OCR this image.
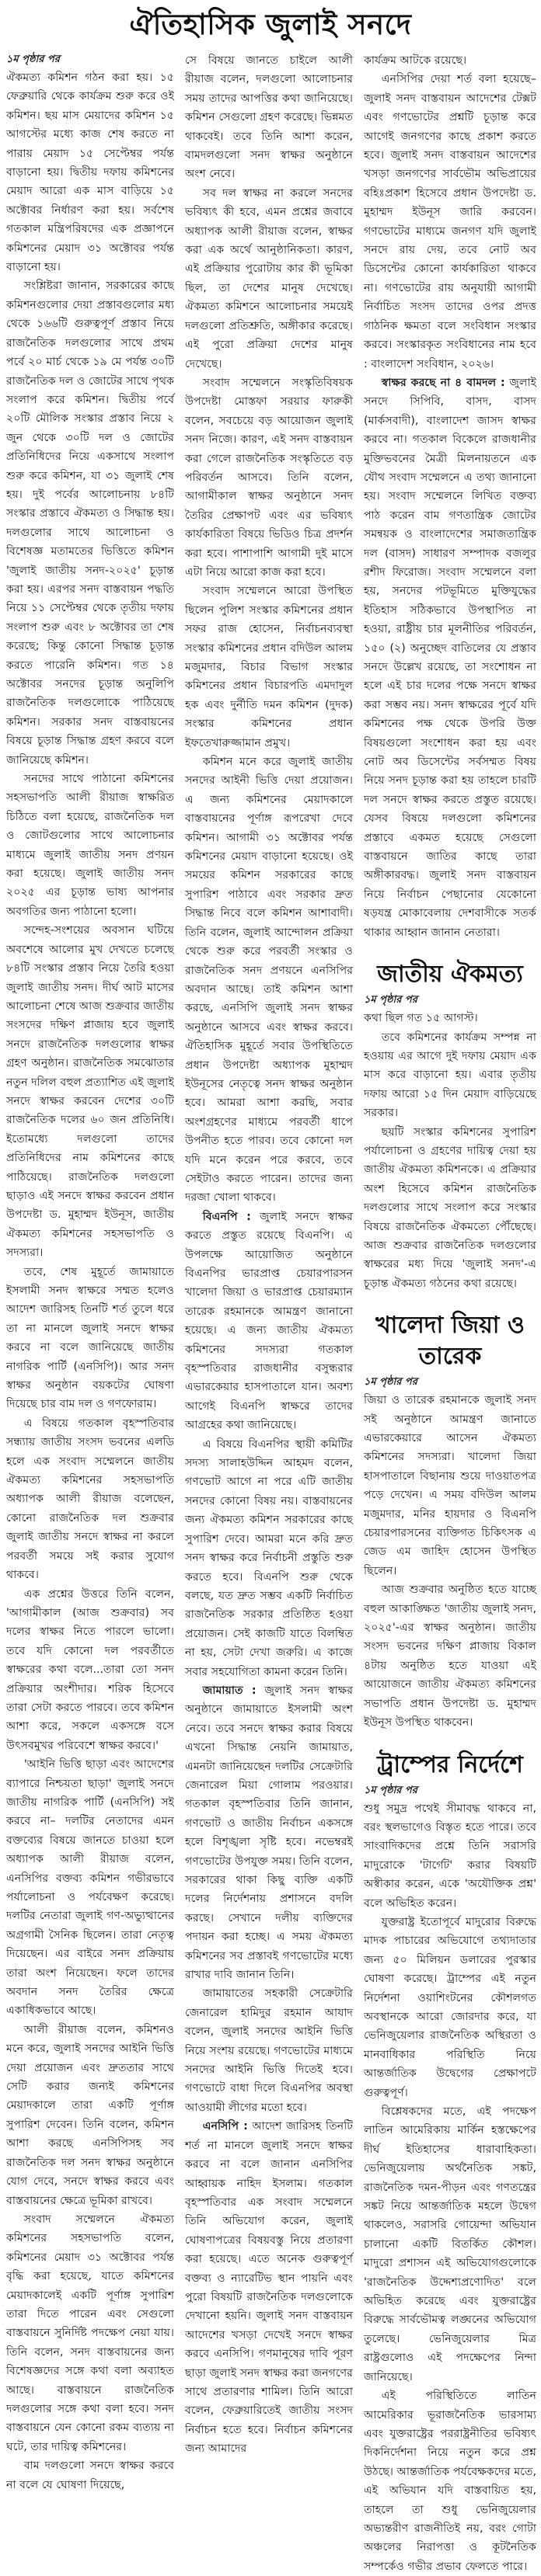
ঐতিহাসিক জুলাই সনদে
১ম পৃষ্ঠার পর

ঐকমত্য কমিশন গঠন করা হয়। ১৫ ফেব্রুয়ারি থেকে কার্যক্রম শুরু করে ওই কমিশন। ছয় মাস মেয়াদের কমিশন ১৫ আগস্টের মধ্যে কাজ শেষ করতে না পারায় মেয়াদ ১৫ সেপ্টেম্বর পর্যন্ত বাড়ানো হয়। দ্বিতীয় দফায় কমিশনের মেয়াদ আরো এক মাস বাড়িয়ে ১৫ অক্টোবর নির্ধারণ করা হয়। সর্বশেষ গতকাল মন্ত্রিপরিষদের এক প্রজ্ঞাপনে কমিশনের মেয়াদ ৩১ অক্টোবর পর্যন্ত বাড়ানো হয়।

সংশ্লিষ্টরা জানান, সরকারের কাছে কমিশনগুলোর দেয়া প্রস্তাবগুলোর মধ্য থেকে ১৬৬টি গুরুত্বপূর্ণ প্রস্তাব নিয়ে রাজনৈতিক দলগুলোর সাথে প্রথম পর্বে ২০ মার্চ থেকে ১৯ মে পর্যন্ত ৩০টি রাজনৈতিক দল ও জোটের সাথে পৃথক সংলাপ করে কমিশন। দ্বিতীয় পর্বে ২০টি মৌলিক সংস্কার প্রস্তাব নিয়ে ২ জুন থেকে ৩০টি দল ও জোটের প্রতিনিধিদের নিয়ে একসাথে সংলাপ শুরু করে কমিশন, যা ৩১ জুলাই শেষ হয়। দুই পর্বের আলোচনায় ৮৪টি সংস্কার প্রস্তাবে ঐকমত্য ও সিদ্ধান্ত হয়। দলগুলোর সাথে আলোচনা ও বিশেষজ্ঞ মতামতের ভিত্তিতে কমিশন 'জুলাই জাতীয় সনদ-২০২৫' চূড়ান্ত করা হয়। এরপর সনদ বাস্তবায়ন পদ্ধতি নিয়ে ১১ সেপ্টেম্বর থেকে তৃতীয় দফায় সংলাপ শুরু এবং ৮ অক্টোবর তা শেষ করেছে; কিন্তু কোনো সিদ্ধান্ত চূড়ান্ত করতে পারেনি কমিশন। গত ১৪ অক্টোবর সনদের চূড়ান্ত অনুলিপি রাজনৈতিক দলগুলোকে পাঠিয়েছে কমিশন। সরকার সনদ বাস্তবায়নের বিষয়ে চূড়ান্ত সিদ্ধান্ত গ্রহণ করবে বলে জানিয়েছে কমিশন।

সনদের সাথে পাঠানো কমিশনের সহসভাপতি আলী রীয়াজ স্বাক্ষরিত চিঠিতে বলা হয়েছে, রাজনৈতিক দল ও জোটগুলোর সাথে আলোচনার মাধ্যমে জুলাই জাতীয় সনদ প্রণয়ন করা হয়েছে। জুলাই জাতীয় সনদ ২০২৫ এর চূড়ান্ত ভাষ্য আপনার অবগতির জন্য পাঠানো হলো।

সন্দেহ-সংশয়ের অবসান ঘটিয়ে অবশেষে আলোর মুখ দেখতে চলেছে ৮৪টি সংস্কার প্রস্তাব নিয়ে তৈরি হওয়া জুলাই জাতীয় সনদ। দীর্ঘ আট মাসের আলোচনা শেষে আজ শুক্রবার জাতীয় সংসদের দক্ষিণ প্লাজায় হবে জুলাই সনদে রাজনৈতিক দলগুলোর স্বাক্ষর গ্রহণ অনুষ্ঠান। রাজনৈতিক সমঝোতার নতুন দলিল বহুল প্রত্যাশিত এই জুলাই সনদে স্বাক্ষর করবেন দেশের ৩০টি রাজনৈতিক দলের ৬০ জন প্রতিনিধি। ইতোমধ্যে দলগুলো তাদের প্রতিনিধিদের নাম কমিশনের কাছে পাঠিয়েছে। রাজনৈতিক দলগুলো ছাড়াও এই সনদে স্বাক্ষর করবেন প্রধান উপদেষ্টা ড. মুহাম্মদ ইউনূস, জাতীয় ঐকমত্য কমিশনের সহসভাপতি ও সদস্যরা।

তবে, শেষ মুহূর্তে জামায়াতে ইসলামী সনদ স্বাক্ষরে সম্মত হলেও আদেশ জারিসহ তিনটি শর্ত তুলে ধরে তা না মানলে জুলাই সনদে স্বাক্ষর করবে না বলে জানিয়েছে জাতীয় নাগরিক পার্টি (এনসিপি)। আর সনদ স্বাক্ষর অনুষ্ঠান বয়কটের ঘোষণা দিয়েছে চার বাম দল ও গণফোরাম।

এ বিষয়ে গতকাল বৃহস্পতিবার সন্ধ্যায় জাতীয় সংসদ ভবনের এলডি হলে এক সংবাদ সম্মেলনে জাতীয় ঐকমত্য কমিশনের সহসভাপতি অধ্যাপক আলী রীয়াজ বলেছেন, কোনো রাজনৈতিক দল শুক্রবার জুলাই জাতীয় সনদে স্বাক্ষর না করলে পরবর্তী সময়ে সই করার সুযোগ থাকবে।

এক প্রশ্নের উত্তরে তিনি বলেন, 'আগামীকাল (আজ শুক্রবার) সব দলের স্বাক্ষর নিতে পারলে ভালো। তবে যদি কোনো দল পরবর্তীতে স্বাক্ষরের কথা বলে...তারা তো সনদ প্রক্রিয়ার অংশীদার। শরিক হিসেবে তারা সেটা করতে পারবে। তবে কমিশন আশা করে, সকলে একসঙ্গে বসে উৎসবমুখর পরিবেশে স্বাক্ষর করবে।'

'আইনি ভিত্তি ছাড়া এবং আদেশের ব্যাপারে নিশ্চয়তা ছাড়া' জুলাই সনদে জাতীয় নাগরিক পার্টি (এনসিপি) সই করবে না– দলটির নেতাদের এমন বক্তব্যের বিষয়ে জানতে চাওয়া হলে অধ্যাপক আলী রীয়াজ বলেন, এনসিপির বক্তব্য কমিশন গভীরভাবে পর্যালোচনা ও পর্যবেক্ষণ করেছে। দলটির নেতারা জুলাই গণ-অভ্যুত্থানের অগ্রগামী সৈনিক ছিলেন। তারা নেতৃত্ব দিয়েছেন। এর বাইরে সনদ প্রক্রিয়ায় তারা অংশ নিয়েছেন। ফলে তাদের অবদান সনদ তৈরির ক্ষেত্রে একাধিকভাবে আছে।

আলী রীয়াজ বলেন, কমিশনও মনে করে, জুলাই সনদের আইনি ভিত্তি দেয়া প্রয়োজন এবং দ্রুততার সাথে সেটি করার জন্যই কমিশনের মেয়াদকালে তারা একটি পূর্ণাঙ্গ সুপারিশ দেবেন। তিনি বলেন, কমিশন আশা করছে এনসিপিসহ সব রাজনৈতিক দল সনদ স্বাক্ষর অনুষ্ঠানে যোগ দেবে, সনদে স্বাক্ষর করবে এবং বাস্তবায়নের ক্ষেত্রে ভূমিকা রাখবে।

সংবাদ সম্মেলনে ঐকমত্য কমিশনের সহসভাপতি বলেন, কমিশনের মেয়াদ ৩১ অক্টোবর পর্যন্ত বৃদ্ধি করা হয়েছে, যাতে কমিশনের মেয়াদকালেই একটি পূর্ণাঙ্গ সুপারিশ তারা দিতে পারেন এবং সেগুলো বাস্তবায়নে সুনির্দিষ্ট পদক্ষেপ নেয়া যায়। তিনি বলেন, সনদ বাস্তবায়নের জন্য বিশেষজ্ঞদের সঙ্গে কথা বলা অব্যাহত আছে। বাস্তবায়নে রাজনৈতিক দলগুলোর সঙ্গে কথা বলা হবে। সনদ বাস্তবায়নে যেন কোনো রকম ব্যত্যয় না ঘটে, তার দায়িত্ব কমিশনের।

বাম দলগুলো সনদে স্বাক্ষর করবে না বলে যে ঘোষণা দিয়েছে,

সে বিষয়ে জানতে চাইলে আলী রীয়াজ বলেন, দলগুলো আলোচনার সময় তাদের আপত্তির কথা জানিয়েছে। কমিশন সেগুলো গ্রহণ করেছে। ভিন্নমত থাকবেই। তবে তিনি আশা করেন, বামদলগুলো সনদ স্বাক্ষর অনুষ্ঠানে অংশ নেবে।

সব দল স্বাক্ষর না করলে সনদের ভবিষ্যৎ কী হবে, এমন প্রশ্নের জবাবে অধ্যাপক আলী রীয়াজ বলেন, স্বাক্ষর করা এক অর্থে আনুষ্ঠানিকতা। কারণ, এই প্রক্রিয়ার পুরোটায় কার কী ভূমিকা ছিল, তা দেশের মানুষ দেখেছে। ঐকমত্য কমিশনে আলোচনার সময়েই দলগুলো প্রতিশ্রুতি, অঙ্গীকার করেছে। এই পুরো প্রক্রিয়া দেশের মানুষ দেখেছে।

সংবাদ সম্মেলনে সংস্কৃতিবিষয়ক উপদেষ্টা মোস্তফা সরয়ার ফারুকী বলেন, সবচেয়ে বড় আয়োজন জুলাই সনদ নিজে। কারণ, এই সনদ বাস্তবায়ন করা গেলে রাজনৈতিক সংস্কৃতিতে বড় পরিবর্তন আসবে। তিনি বলেন, আগামীকাল স্বাক্ষর অনুষ্ঠানে সনদ তৈরির প্রেক্ষাপট এবং এর ভবিষ্যৎ কার্যকারিতা বিষয়ে ভিডিও চিত্র প্রদর্শন করা হবে। পাশাপাশি আগামী দুই মাসে এটা নিয়ে আরো কাজ করা হবে।

সংবাদ সম্মেলনে আরো উপস্থিত ছিলেন পুলিশ সংস্কার কমিশনের প্রধান সফর রাজ হোসেন, নির্বাচনব্যবস্থা সংস্কার কমিশনের প্রধান বদিউল আলম মজুমদার, বিচার বিভাগ সংস্কার কমিশনের প্রধান বিচারপতি এমদাদুল হক এবং দুর্নীতি দমন কমিশন (দুদক) সংস্কার কমিশনের প্রধান ইফতেখারুজ্জামান প্রমুখ।

কমিশন মনে করে জুলাই জাতীয় সনদের আইনী ভিত্তি দেয়া প্রয়োজন। এ জন্য কমিশনের মেয়াদকালে বাস্তবায়নের পূর্ণাঙ্গ রূপরেখা দেবে কমিশন। আগামী ৩১ অক্টোবর পর্যন্ত কমিশনের মেয়াদ বাড়ানো হয়েছে। ওই সময়ের কমিশন সরকারের কাছে সুপারিশ পাঠাবে এবং সরকার দ্রুত সিদ্ধান্ত নিবে বলে কমিশন আশাবাদী। তিনি বলেন, জুলাই আন্দোলন প্রক্রিয়া থেকে শুরু করে পরবর্তী সংস্কার ও রাজনৈতিক সনদ প্রণয়নে এনসিপির অবদান আছে। তাই কমিশন আশা করছে, এনসিপি জুলাই সনদ স্বাক্ষর অনুষ্ঠানে আসবে এবং স্বাক্ষর করবে। ঐতিহাসিক মুহূর্তে সবার উপস্থিতিতে প্রধান উপদেষ্টা অধ্যাপক মুহাম্মদ ইউনূসের নেতৃত্বে সনদ স্বাক্ষর অনুষ্ঠান হবে। আমরা আশা করছি, সবার অংশগ্রহণের মাধ্যমে পরবর্তী ধাপে উপনীত হতে পারব। তবে কোনো দল যদি মনে করেন পরে করবে, তবে সেইটাও করতে পারেন। তাদের জন্য দরজা খোলা থাকবে।

বিএনপি : জুলাই সনদে স্বাক্ষর করতে প্রস্তুত রয়েছে বিএনপি। এ উপলক্ষে আয়োজিত অনুষ্ঠানে বিএনপির ভারপ্রাপ্ত চেয়ারপারসন খালেদা জিয়া ও ভারপ্রাপ্ত চেয়ারম্যান তারেক রহমানকে আমন্ত্রণ জানানো হয়েছে। এ জন্য জাতীয় ঐকমত্য কমিশনের সদস্যরা গতকাল বৃহস্পতিবার রাজধানীর বসুন্ধরার এভারকেয়ার হাসপাতালে যান। অবশ্য আগেই বিএনপি স্বাক্ষরে তাদের আগ্রহের কথা জানিয়েছে।

এ বিষয়ে বিএনপির স্থায়ী কমিটির সদস্য সালাহউদ্দিন আহমদ বলেন, গণভোট আগে না পরে এটি জাতীয় সনদের কোনো বিষয় নয়। বাস্তবায়নের জন্য ঐকমত্য কমিশন সরকারের কাছে সুপারিশ দেবে। আমরা মনে করি দ্রুত সনদ স্বাক্ষর করে নির্বাচনী প্রস্তুতি শুরু করতে হবে। বিএনপি শুরু থেকে বলছে, যত দ্রুত সম্ভব একটি নির্বাচিত রাজনৈতিক সরকার প্রতিষ্ঠিত হওয়া প্রয়োজন। সেই কাজটি যাতে বিলম্বিত না হয়, সেটা দেখা জরুরি। এ কাজে সবার সহযোগিতা কামনা করেন তিনি।

জামায়াত : জুলাই সনদ স্বাক্ষর অনুষ্ঠানে জামায়াতে ইসলামী অংশ নেবে। তবে সনদে স্বাক্ষর করার বিষয়ে এখনো সিদ্ধান্ত নেয়নি জামায়াত, এমনটা জানিয়েছেন দলটির সেক্রেটারি জেনারেল মিয়া গোলাম পরওয়ার। গতকাল বৃহস্পতিবার তিনি জানান, গণভোট ও জাতীয় নির্বাচন একসঙ্গে হলে বিশৃঙ্খলা সৃষ্টি হবে। নভেম্বরই গণভোটের উপযুক্ত সময়। তিনি বলেন, সরকারের থাকা কিছু ব্যক্তি একটি দলের নির্দেশনায় প্রশাসনে বদলি করছে। সেখানে দলীয় ব্যক্তিদের পদায়ন করা হচ্ছে। এ সময় ঐকমত্য কমিশনের সব প্রস্তাবই গণভোটের মধ্যে রাখার দাবি জানান তিনি।

জামায়াতের সহকারী সেক্রেটারি জেনারেল হামিদুর রহমান আযাদ বলেন, জুলাই সনদের আইনি ভিত্তি নিয়ে সংশয় রয়েছে। গণভোটের মাধ্যমে সনদের আইনি ভিত্তি দিতেই হবে। গণভোটে বাধা দিলে বিএনপির অবস্থা আওয়ামী লীগের মতো হবে।

এনসিপি : আদেশ জারিসহ তিনটি শর্ত না মানলে জুলাই সনদে স্বাক্ষর করবে না বলে জানান এনসিপির আহ্বায়ক নাহিদ ইসলাম। গতকাল বৃহস্পতিবার এক সংবাদ সম্মেলনে তিনি অভিযোগ করেন, জুলাই ঘোষণাপত্রের বিষয়বস্তু নিয়ে প্রতারণা করা হয়েছে। এতে অনেক গুরুত্বপূর্ণ বক্তব্য ও ন্যারেটিভ স্থান পায়নি এবং পুরো বিষয়টি রাজনৈতিক দলগুলোকে দেখানো হয়নি। জুলাই সনদ বাস্তবায়ন আদেশের খসড়া দেখেই সনদে স্বাক্ষর করবে এনসিপি। গণমানুষের দাবি পূরণ ছাড়া জুলাই সনদ স্বাক্ষর করা জনগণের সাথে প্রতারণার শামিল। তিনি আরো বলেন, ফেব্রুয়ারিতেই জাতীয় সংসদ নির্বাচন হতে হবে। নির্বাচন কমিশনের জন্য আমাদের

কার্যক্রম আটকে রয়েছে।

এনসিপির দেয়া শর্ত বলা হয়েছে– জুলাই সনদ বাস্তবায়ন আদেশের টেক্সট এবং গণভোটের প্রশ্নটি চূড়ান্ত করে আগেই জনগণের কাছে প্রকাশ করতে হবে। জুলাই সনদ বাস্তবায়ন আদেশের খসড়া জনগণের সার্বভৌম অভিপ্রায়ের বহিঃপ্রকাশ হিসেবে প্রধান উপদেষ্টা ড. মুহাম্মদ ইউনূস জারি করবেন। গণভোটের মাধ্যমে জনগণ যদি জুলাই সনদে রায় দেয়, তবে নোট অব ডিসেন্টের কোনো কার্যকারিতা থাকবে না। গণভোটের রায় অনুযায়ী আগামী নির্বাচিত সংসদ তাদের ওপর প্রদত্ত গাঠনিক ক্ষমতা বলে সংবিধান সংস্কার করবে। সংস্কারকৃত সংবিধানের নাম হবে : বাংলাদেশ সংবিধান, ২০২৬।

স্বাক্ষর করছে না ৪ বামদল : জুলাই সনদে সিপিবি, বাসদ, বাসদ (মার্কসবাদী), বাংলাদেশ জাসদ স্বাক্ষর করবে না। গতকাল বিকেলে রাজধানীর মুক্তিভবনের মৈত্রী মিলনায়তনে এক যৌথ সংবাদ সম্মেলনে এ তথ্য জানানো হয়। সংবাদ সম্মেলনে লিখিত বক্তব্য পাঠ করেন বাম গণতান্ত্রিক জোটের সমন্বয়ক ও বাংলাদেশের সমাজতান্ত্রিক দল (বাসদ) সাধারণ সম্পাদক বজলুর রশীদ ফিরোজ। সংবাদ সম্মেলনে বলা হয়, সনদের পটভূমিতে মুক্তিযুদ্ধের ইতিহাস সঠিকভাবে উপস্থাপিত না হওয়া, রাষ্ট্রীয় চার মূলনীতির পরিবর্তন, ১৫০ (২) অনুচ্ছেদ বাতিলের যে প্রস্তাব সনদে উল্লেখ রয়েছে, তা সংশোধন না হলে এই চার দলের পক্ষে সনদে স্বাক্ষর করা সম্ভব নয়। সনদ স্বাক্ষরের পূর্বে যদি কমিশনের পক্ষ থেকে উপরি উক্ত বিষয়গুলো সংশোধন করা হয় এবং নোট অব ডিসেন্টের সর্বসম্মত বিষয় নিয়ে সনদ চূড়ান্ত করা হয় তাহলে চারটি দল সনদে স্বাক্ষর করতে প্রস্তুত রয়েছে। যেসব বিষয়ে দলগুলো কমিশনের প্রস্তাবে একমত হয়েছে সেগুলো বাস্তবায়নে জাতির কাছে তারা অঙ্গীকারবদ্ধ। জুলাই সনদ বাস্তবায়ন নিয়ে নির্বাচন পেছানোর যেকোনো ষড়যন্ত্র মোকাবেলায় দেশবাসীকে সতর্ক থাকার আহ্বান জানান নেতারা।

জাতীয় ঐকমত্য
১ম পৃষ্ঠার পর

কথা ছিল গত ১৫ আগস্ট।

তবে কমিশনের কার্যক্রম সম্পন্ন না হওয়ায় এর আগে দুই দফায় মেয়াদ এক মাস করে বাড়ানো হয়। এবার তৃতীয় দফায় আরো ১৫ দিন মেয়াদ বাড়িয়েছে সরকার।

ছয়টি সংস্কার কমিশনের সুপারিশ পর্যালোচনা ও গ্রহণের দায়িত্ব দেয়া হয় জাতীয় ঐকমত্য কমিশনকে। এ প্রক্রিয়ার অংশ হিসেবে কমিশন রাজনৈতিক দলগুলোর সাথে সংলাপ করে সংস্কার বিষয়ে রাজনৈতিক ঐকমত্যে পৌঁছেছে। আজ শুক্রবার রাজনৈতিক দলগুলোর স্বাক্ষরের মধ্য দিয়ে 'জুলাই সনদ'-এ চূড়ান্ত ঐকমত্য গঠনের কথা রয়েছে।

খালেদা জিয়া ও তারেক
১ম পৃষ্ঠার পর

জিয়া ও তারেক রহমানকে জুলাই সনদ সই অনুষ্ঠানে আমন্ত্রণ জানাতে এভারকেয়ারে আসেন ঐকমত্য কমিশনের সদস্যরা। খালেদা জিয়া হাসপাতালে বিছানায় শুয়ে দাওয়াতপত্র পড়ে দেখেন। এ সময় বদিউল আলম মজুমদার, মনির হায়দার ও বিএনপি চেয়ারপারসনের ব্যক্তিগত চিকিৎসক এ জেড এম জাহিদ হোসেন উপস্থিত ছিলেন।

আজ শুক্রবার অনুষ্ঠিত হতে যাচ্ছে বহুল আকাঙ্ক্ষিত 'জাতীয় জুলাই সনদ, ২০২৫'-এর স্বাক্ষর অনুষ্ঠান। জাতীয় সংসদ ভবনের দক্ষিণ প্লাজায় বিকাল ৪টায় অনুষ্ঠিত হতে যাওয়া এই আয়োজনে জাতীয় ঐকমত্য কমিশনের সভাপতি প্রধান উপদেষ্টা ড. মুহাম্মদ ইউনূস উপস্থিত থাকবেন।

ট্রাম্পের নির্দেশে
১ম পৃষ্ঠার পর

শুধু সমুদ্র পথেই সীমাবদ্ধ থাকবে না, বরং স্থলভাগেও বিস্তৃত হতে পারে। তবে সাংবাদিকদের প্রশ্নে তিনি সরাসরি মাদুরোকে 'টার্গেট' করার বিষয়টি অস্বীকার করেন, একে 'অযৌক্তিক প্রশ্ন' বলে অভিহিত করেন।

যুক্তরাষ্ট্র ইতোপূর্বে মাদুরোর বিরুদ্ধে মাদক পাচারের অভিযোগে তথ্যদাতার জন্য ৫০ মিলিয়ন ডলারের পুরস্কার ঘোষণা করেছে। ট্রাম্পের এই নতুন নির্দেশনা ওয়াশিংটনের কৌশলগত অবস্থানকে আরো জোরদার করে, যা ভেনিজুয়েলার রাজনৈতিক অস্থিরতা ও মানবাধিকার পরিস্থিতি নিয়ে আন্তর্জাতিক উদ্বেগের প্রেক্ষাপটে গুরুত্বপূর্ণ।

বিশ্লেষকদের মতে, এই পদক্ষেপ লাতিন আমেরিকায় মার্কিন হস্তক্ষেপের দীর্ঘ ইতিহাসের ধারাবাহিকতা। ভেনিজুয়েলায় অর্থনৈতিক সঙ্কট, রাজনৈতিক দমন-পীড়ন এবং গণতন্ত্রের সঙ্কট নিয়ে আন্তর্জাতিক মহলে উদ্বেগ থাকলেও, সরাসরি গোয়েন্দা অভিযান চালানো একটি বিতর্কিত কৌশল। মাদুরো প্রশাসন এই অভিযোগগুলোকে 'রাজনৈতিক উদ্দেশ্যপ্রণোদিত' বলে অভিহিত করেছে এবং যুক্তরাষ্ট্রের বিরুদ্ধে সার্বভৌমত্ব লঙ্ঘনের অভিযোগ তুলেছে। ভেনিজুয়েলার মিত্র রাষ্ট্রগুলোও এই পদক্ষেপের নিন্দা জানিয়েছে।

এই পরিস্থিতিতে লাতিন আমেরিকার ভূরাজনৈতিক ভারসাম্য এবং যুক্তরাষ্ট্রের পররাষ্ট্রনীতির ভবিষ্যৎ দিকনির্দেশনা নিয়ে নতুন করে প্রশ্ন উঠছে। আন্তর্জাতিক পর্যবেক্ষকদের মতে, এই অভিযান যদি বাস্তবায়িত হয়, তাহলে তা শুধু ভেনিজুয়েলার অভ্যন্তরীণ রাজনীতিই নয়, বরং গোটা অঞ্চলের নিরাপত্তা ও কূটনৈতিক সম্পর্কেও গভীর প্রভাব ফেলতে পারে।
